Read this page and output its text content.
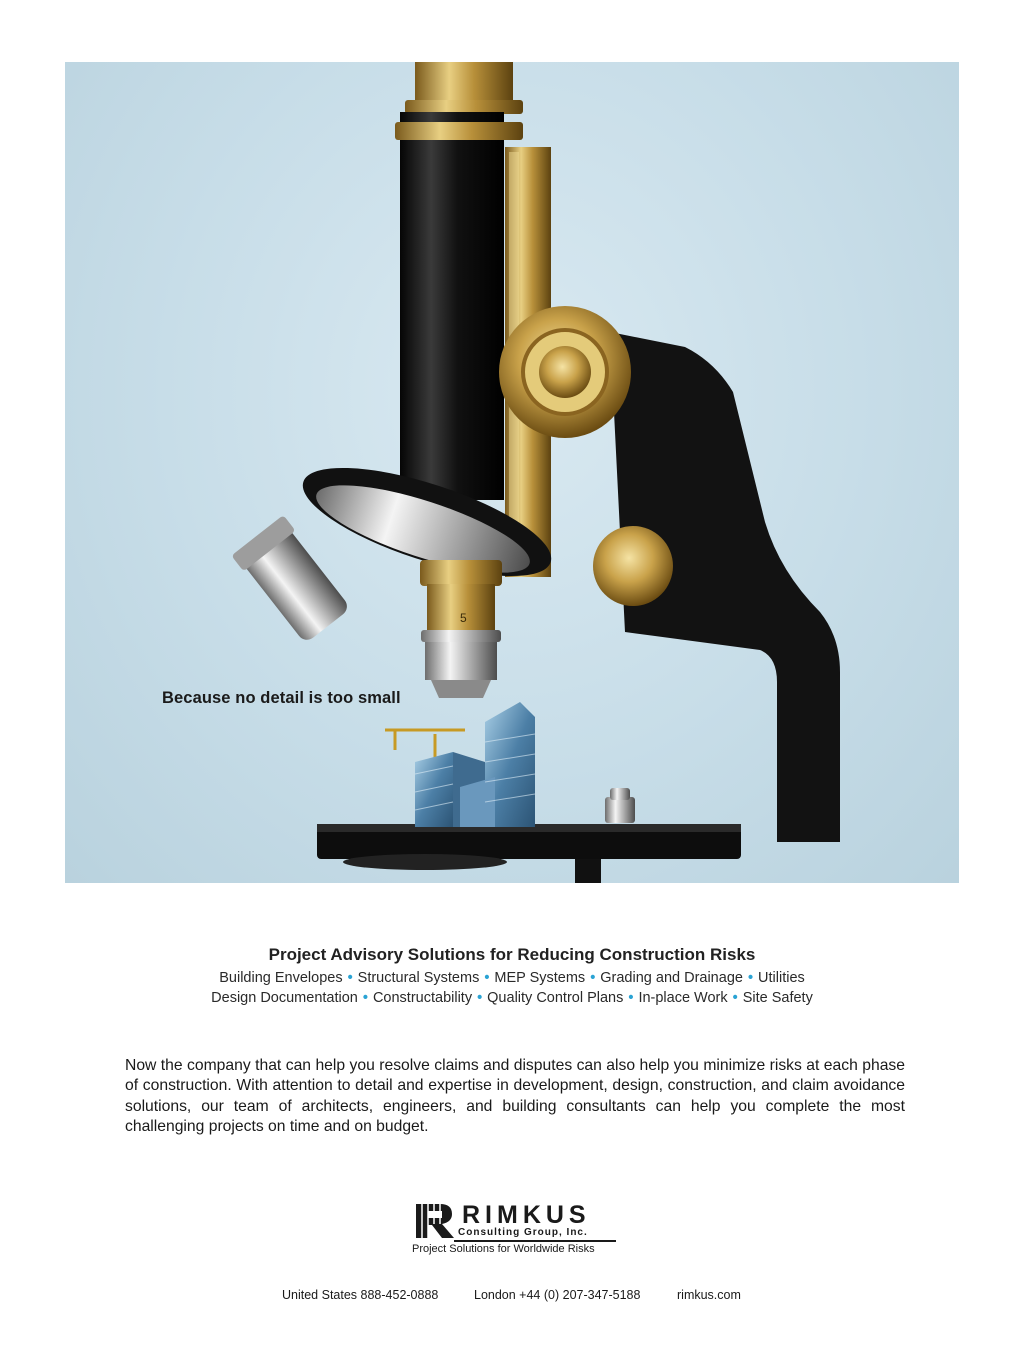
5
Because no detail is too small
Project Advisory Solutions for Reducing Construction Risks
Building Envelopes • Structural Systems • MEP Systems • Grading and Drainage • Utilities
Design Documentation • Constructability • Quality Control Plans • In-place Work • Site Safety

Now the company that can help you resolve claims and disputes can also help you minimize risks at each phase of construction. With attention to detail and expertise in development, design, construction, and claim avoidance solutions, our team of architects, engineers, and building consultants can help you complete the most challenging projects on time and on budget.

RIMKUS
Consulting Group, Inc.
Project Solutions for Worldwide Risks
United States 888-452-0888	London +44 (0) 207-347-5188	rimkus.com
